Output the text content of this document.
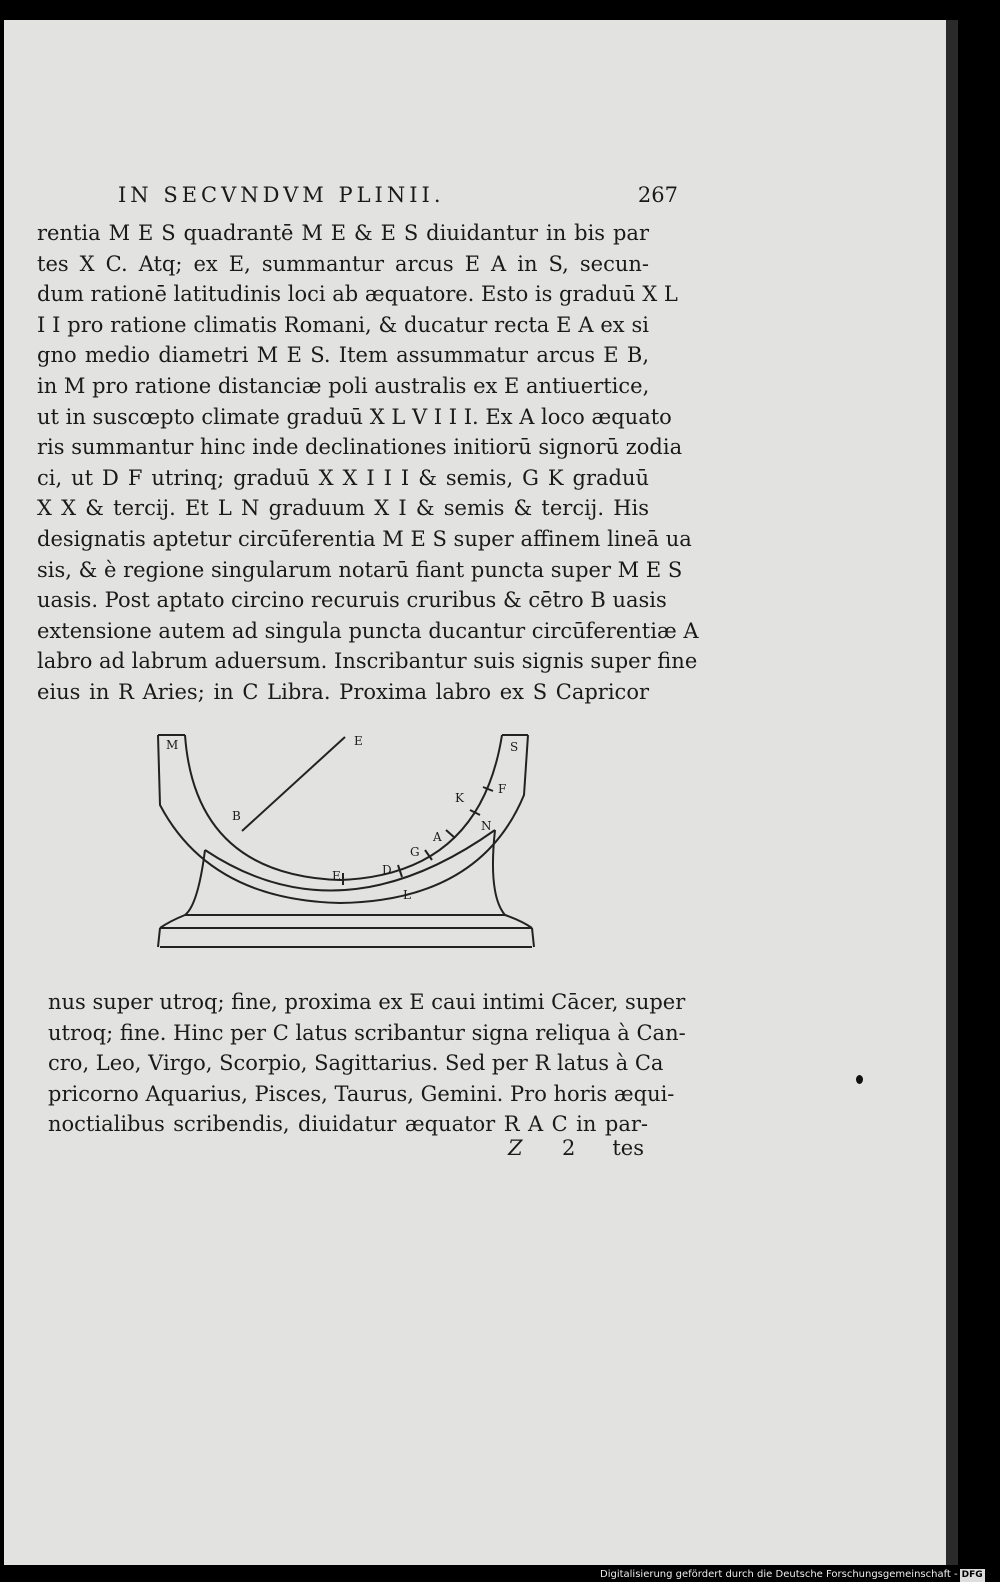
IN SECVNDVM PLINII.	267
rentia M E S quadrantē M E & E S diuidantur in bis par
tes X C. Atq; ex E, summantur arcus E A in S, secun-
dum rationē latitudinis loci ab æquatore. Esto is graduū X L
I I pro ratione climatis Romani, & ducatur recta E A ex si
gno medio diametri M E S. Item assummatur arcus E B,
in M pro ratione distanciæ poli australis ex E antiuertice,
ut in suscœpto climate graduū X L V I I I. Ex A loco æquato
ris summantur hinc inde declinationes initiorū signorū zodia
ci, ut D F utrinq; graduū X X I I I & semis, G K graduū
X X & tercij. Et L N graduum X I & semis & tercij. His
designatis aptetur circūferentia M E S super affinem lineā ua
sis, & è regione singularum notarū fiant puncta super M E S
uasis. Post aptato circino recuruis cruribus & cētro B uasis
extensione autem ad singula puncta ducantur circūferentiæ A
labro ad labrum aduersum. Inscribantur suis signis super fine
eius in R Aries; in C Libra. Proxima labro ex S Capricor
M	E	S
B
K
F
N
A
G
D
E
L
nus super utroq; fine, proxima ex E caui intimi Cācer, super
utroq; fine. Hinc per C latus scribantur signa reliqua à Can-
cro, Leo, Virgo, Scorpio, Sagittarius. Sed per R latus à Ca
pricorno Aquarius, Pisces, Taurus, Gemini. Pro horis æqui-
noctialibus scribendis, diuidatur æquator R A C in par-
Z 2 tes
Digitalisierung gefördert durch die Deutsche Forschungsgemeinschaft - DFG
